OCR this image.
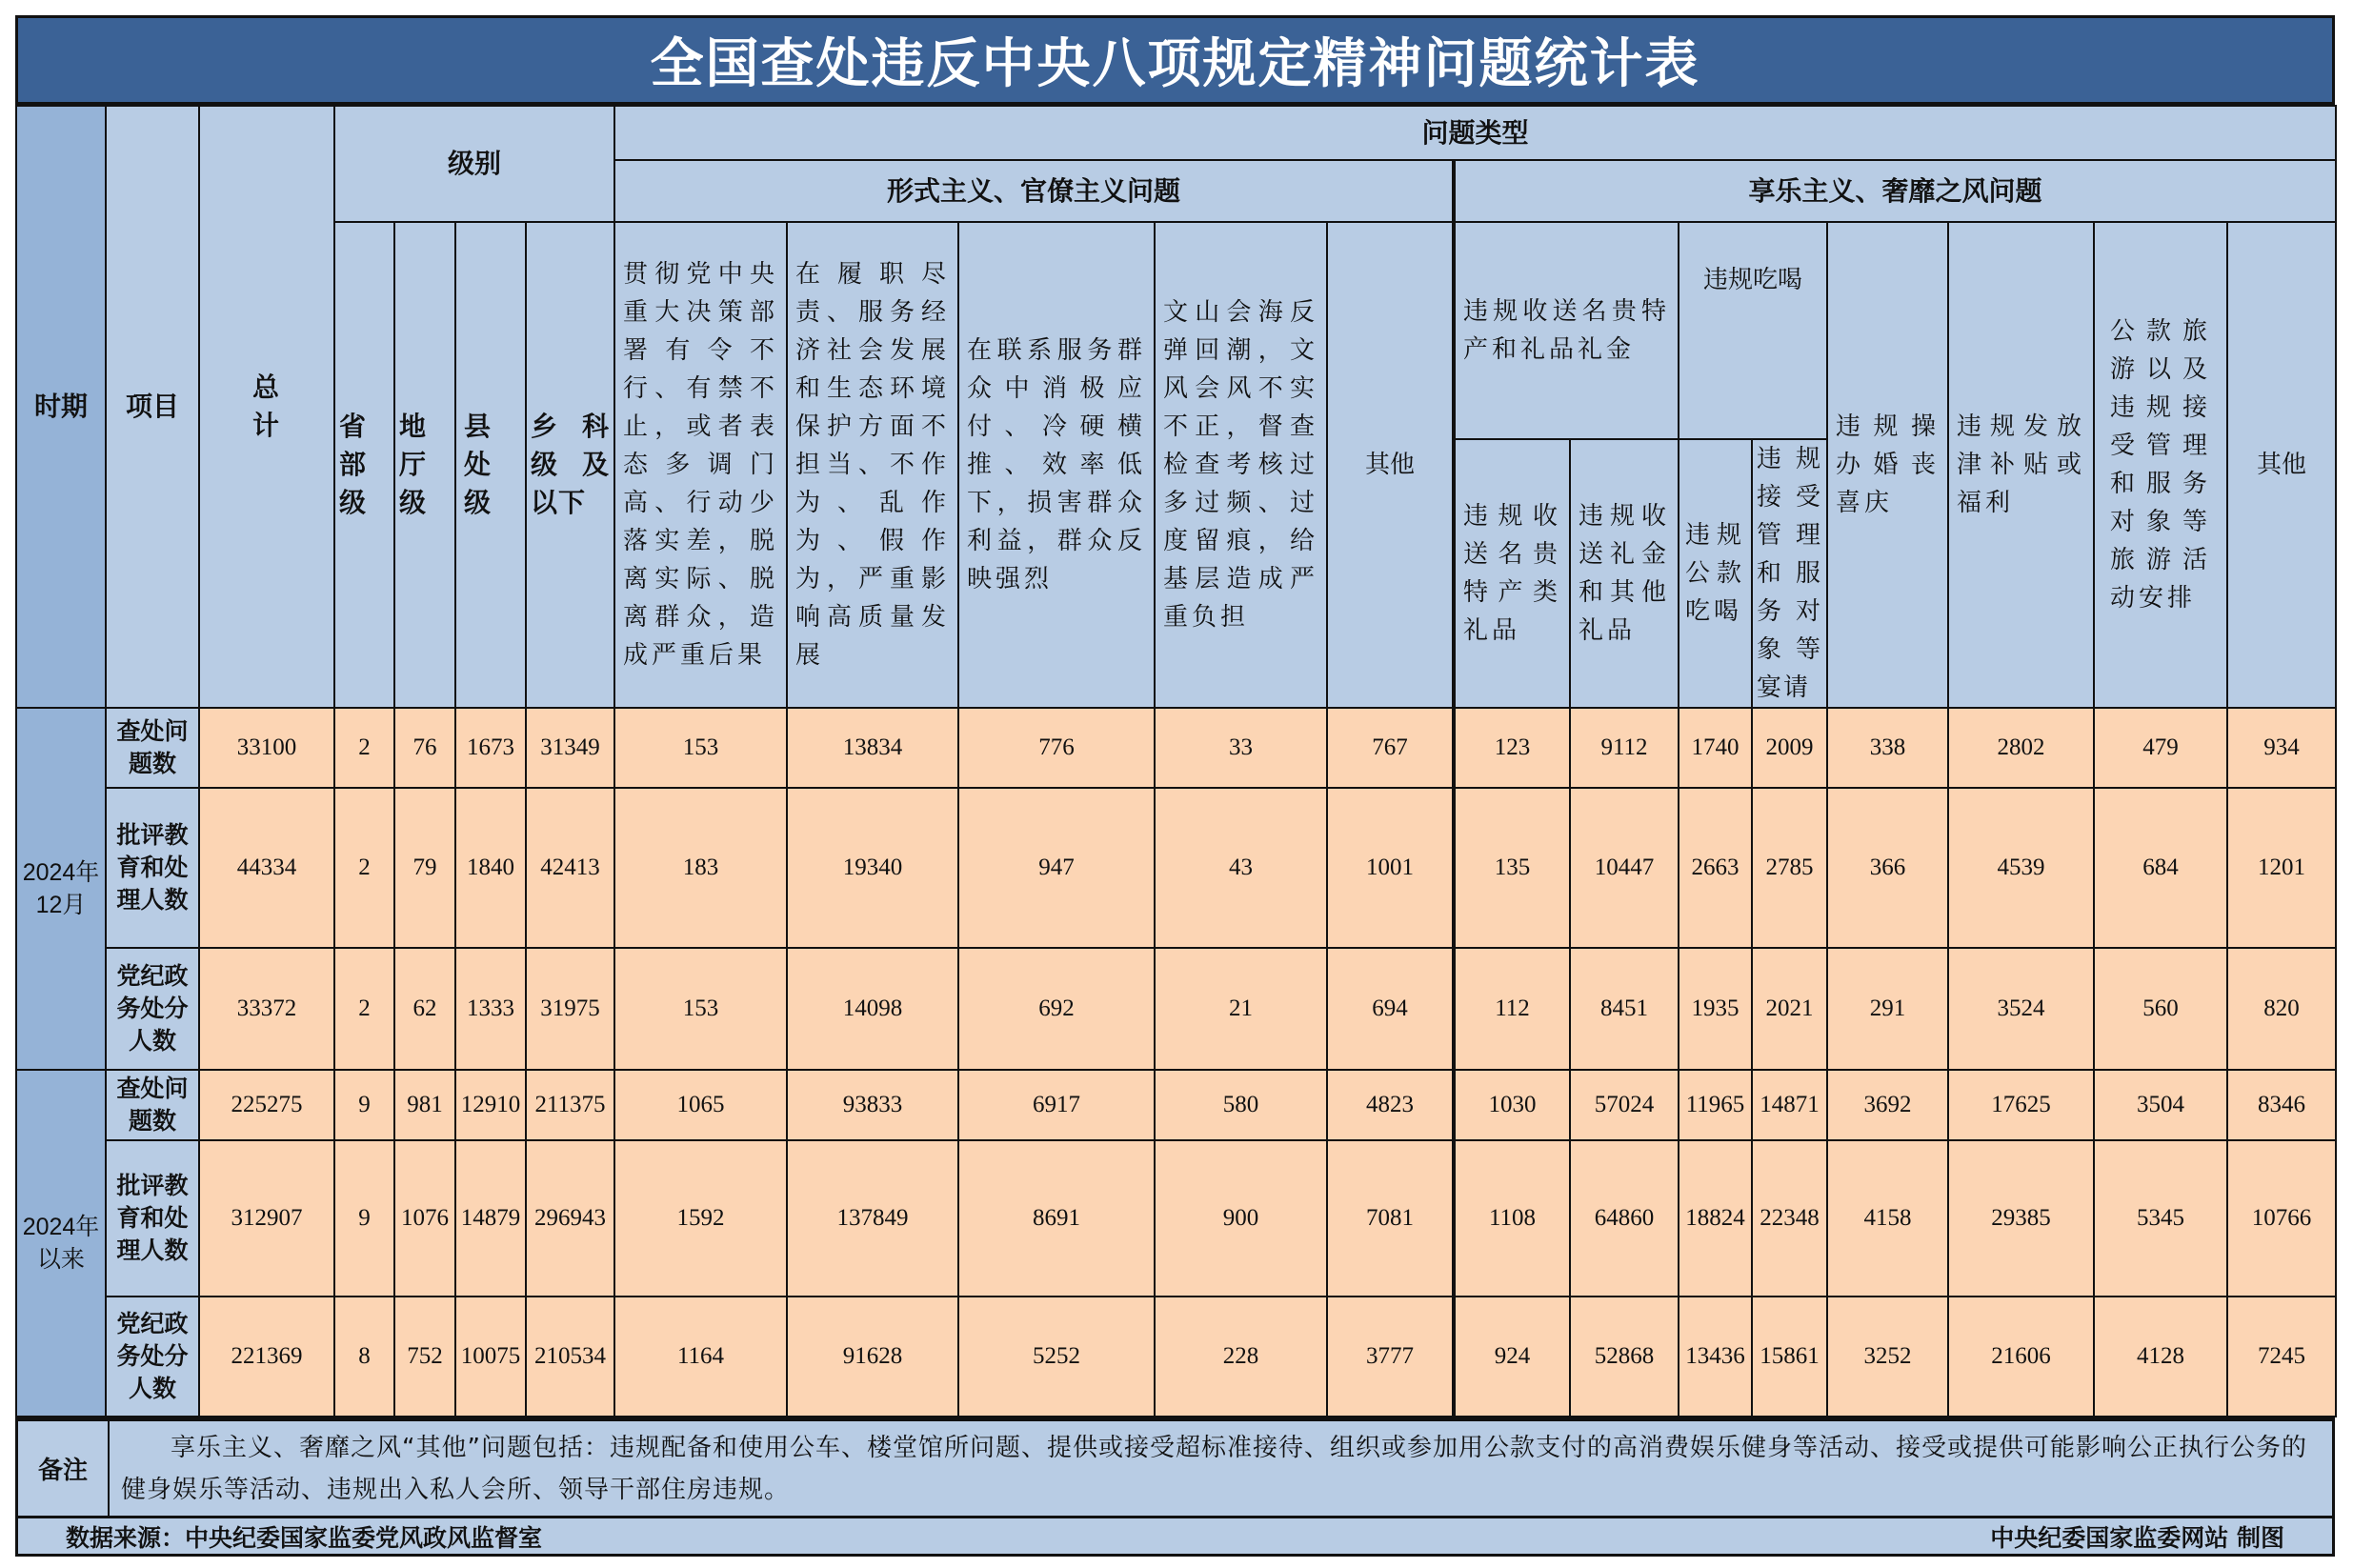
全国查处违反中央八项规定精神问题统计表
时期	项目	总计	级别				问题类型												
							形式主义、官僚主义问题					享乐主义、奢靡之风问题							
			省部级	地厅级	县处级	乡科级及以下	贯彻党中央重大决策部署有令不行、有禁不止，或者表态多调门高、行动少落实差，脱离实际、脱离群众，造成严重后果	在履职尽责、服务经济社会发展和生态环境保护方面不担当、不作为、乱作为、假作为，严重影响高质量发展	在联系服务群众中消极应付、冷硬横推、效率低下，损害群众利益，群众反映强烈	文山会海反弹回潮，文风会风不实不正，督查检查考核过多过频、过度留痕，给基层造成严重负担	其他	违规收送名贵特产和礼品礼金		违规吃喝		违规操办婚丧喜庆	违规发放津补贴或福利	公款旅游以及违规接受管理和服务对象等旅游活动安排	其他
												违规收送名贵特产类礼品	违规收送礼金和其他礼品	违规公款吃喝	违规接受管理和服务对象等宴请				
2024年12月	查处问题数	33100	2	76	1673	31349	153	13834	776	33	767	123	9112	1740	2009	338	2802	479	934
	批评教育和处理人数	44334	2	79	1840	42413	183	19340	947	43	1001	135	10447	2663	2785	366	4539	684	1201
	党纪政务处分人数	33372	2	62	1333	31975	153	14098	692	21	694	112	8451	1935	2021	291	3524	560	820
2024年以来	查处问题数	225275	9	981	12910	211375	1065	93833	6917	580	4823	1030	57024	11965	14871	3692	17625	3504	8346
	批评教育和处理人数	312907	9	1076	14879	296943	1592	137849	8691	900	7081	1108	64860	18824	22348	4158	29385	5345	10766
	党纪政务处分人数	221369	8	752	10075	210534	1164	91628	5252	228	3777	924	52868	13436	15861	3252	21606	4128	7245
备注
享乐主义、奢靡之风“其他”问题包括：违规配备和使用公车、楼堂馆所问题、提供或接受超标准接待、组织或参加用公款支付的高消费娱乐健身等活动、接受或提供可能影响公正执行公务的健身娱乐等活动、违规出入私人会所、领导干部住房违规。
数据来源：中央纪委国家监委党风政风监督室	中央纪委国家监委网站 制图
